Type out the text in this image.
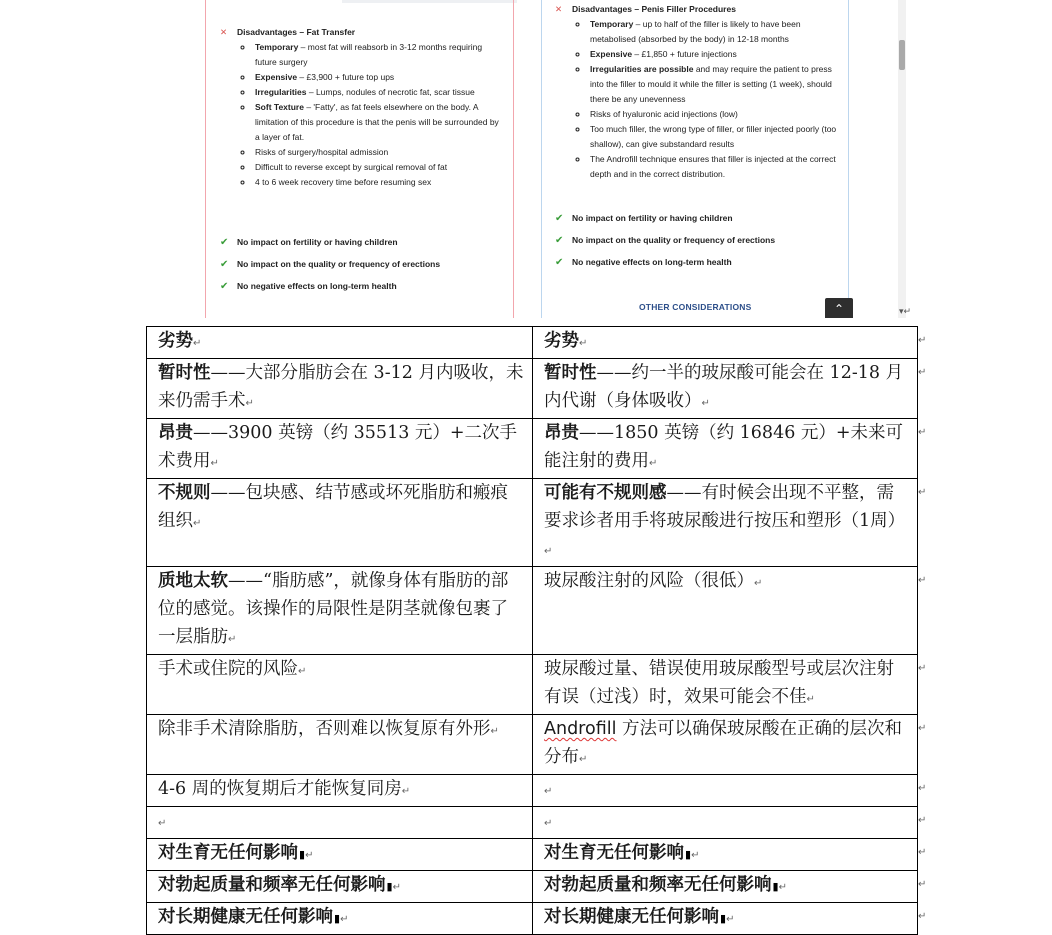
✕	Disadvantages – Fat Transfer
◦ Temporary – most fat will reabsorb in 3-12 months requiring future surgery
◦ Expensive – £3,900 + future top ups
◦ Irregularities – Lumps, nodules of necrotic fat, scar tissue
◦ Soft Texture – 'Fatty', as fat feels elsewhere on the body. A limitation of this procedure is that the penis will be surrounded by a layer of fat.
◦ Risks of surgery/hospital admission
◦ Difficult to reverse except by surgical removal of fat
◦ 4 to 6 week recovery time before resuming sex
✔	No impact on fertility or having children
✔	No impact on the quality or frequency of erections
✔	No negative effects on long-term health
✕	Disadvantages – Penis Filler Procedures
◦ Temporary – up to half of the filler is likely to have been metabolised (absorbed by the body) in 12-18 months
◦ Expensive – £1,850 + future injections
◦ Irregularities are possible and may require the patient to press into the filler to mould it while the filler is setting (1 week), should there be any unevenness
◦ Risks of hyaluronic acid injections (low)
◦ Too much filler, the wrong type of filler, or filler injected poorly (too shallow), can give substandard results
◦ The Androfill technique ensures that filler is injected at the correct depth and in the correct distribution.
✔	No impact on fertility or having children
✔	No impact on the quality or frequency of erections
✔	No negative effects on long-term health
OTHER CONSIDERATIONS	⌃	▾↵
劣势↵	劣势↵
暂时性——大部分脂肪会在 3-12 月内吸收，未来仍需手术↵	暂时性——约一半的玻尿酸可能会在 12-18 月内代谢（身体吸收）↵
昂贵——3900 英镑（约 35513 元）+二次手术费用↵	昂贵——1850 英镑（约 16846 元）+未来可能注射的费用↵
不规则——包块感、结节感或坏死脂肪和瘢痕组织↵	可能有不规则感——有时候会出现不平整，需要求诊者用手将玻尿酸进行按压和塑形（1周）↵
质地太软——“脂肪感”，就像身体有脂肪的部位的感觉。该操作的局限性是阴茎就像包裹了一层脂肪↵	玻尿酸注射的风险（很低）↵
手术或住院的风险↵	玻尿酸过量、错误使用玻尿酸型号或层次注射有误（过浅）时，效果可能会不佳↵
除非手术清除脂肪，否则难以恢复原有外形↵	Androfill 方法可以确保玻尿酸在正确的层次和分布↵
4-6 周的恢复期后才能恢复同房↵	↵
↵	↵
对生育无任何影响▮↵	对生育无任何影响▮↵
对勃起质量和频率无任何影响▮↵	对勃起质量和频率无任何影响▮↵
对长期健康无任何影响▮↵	对长期健康无任何影响▮↵
↵
↵
↵
↵
↵
↵
↵
↵
↵
↵
↵
↵
